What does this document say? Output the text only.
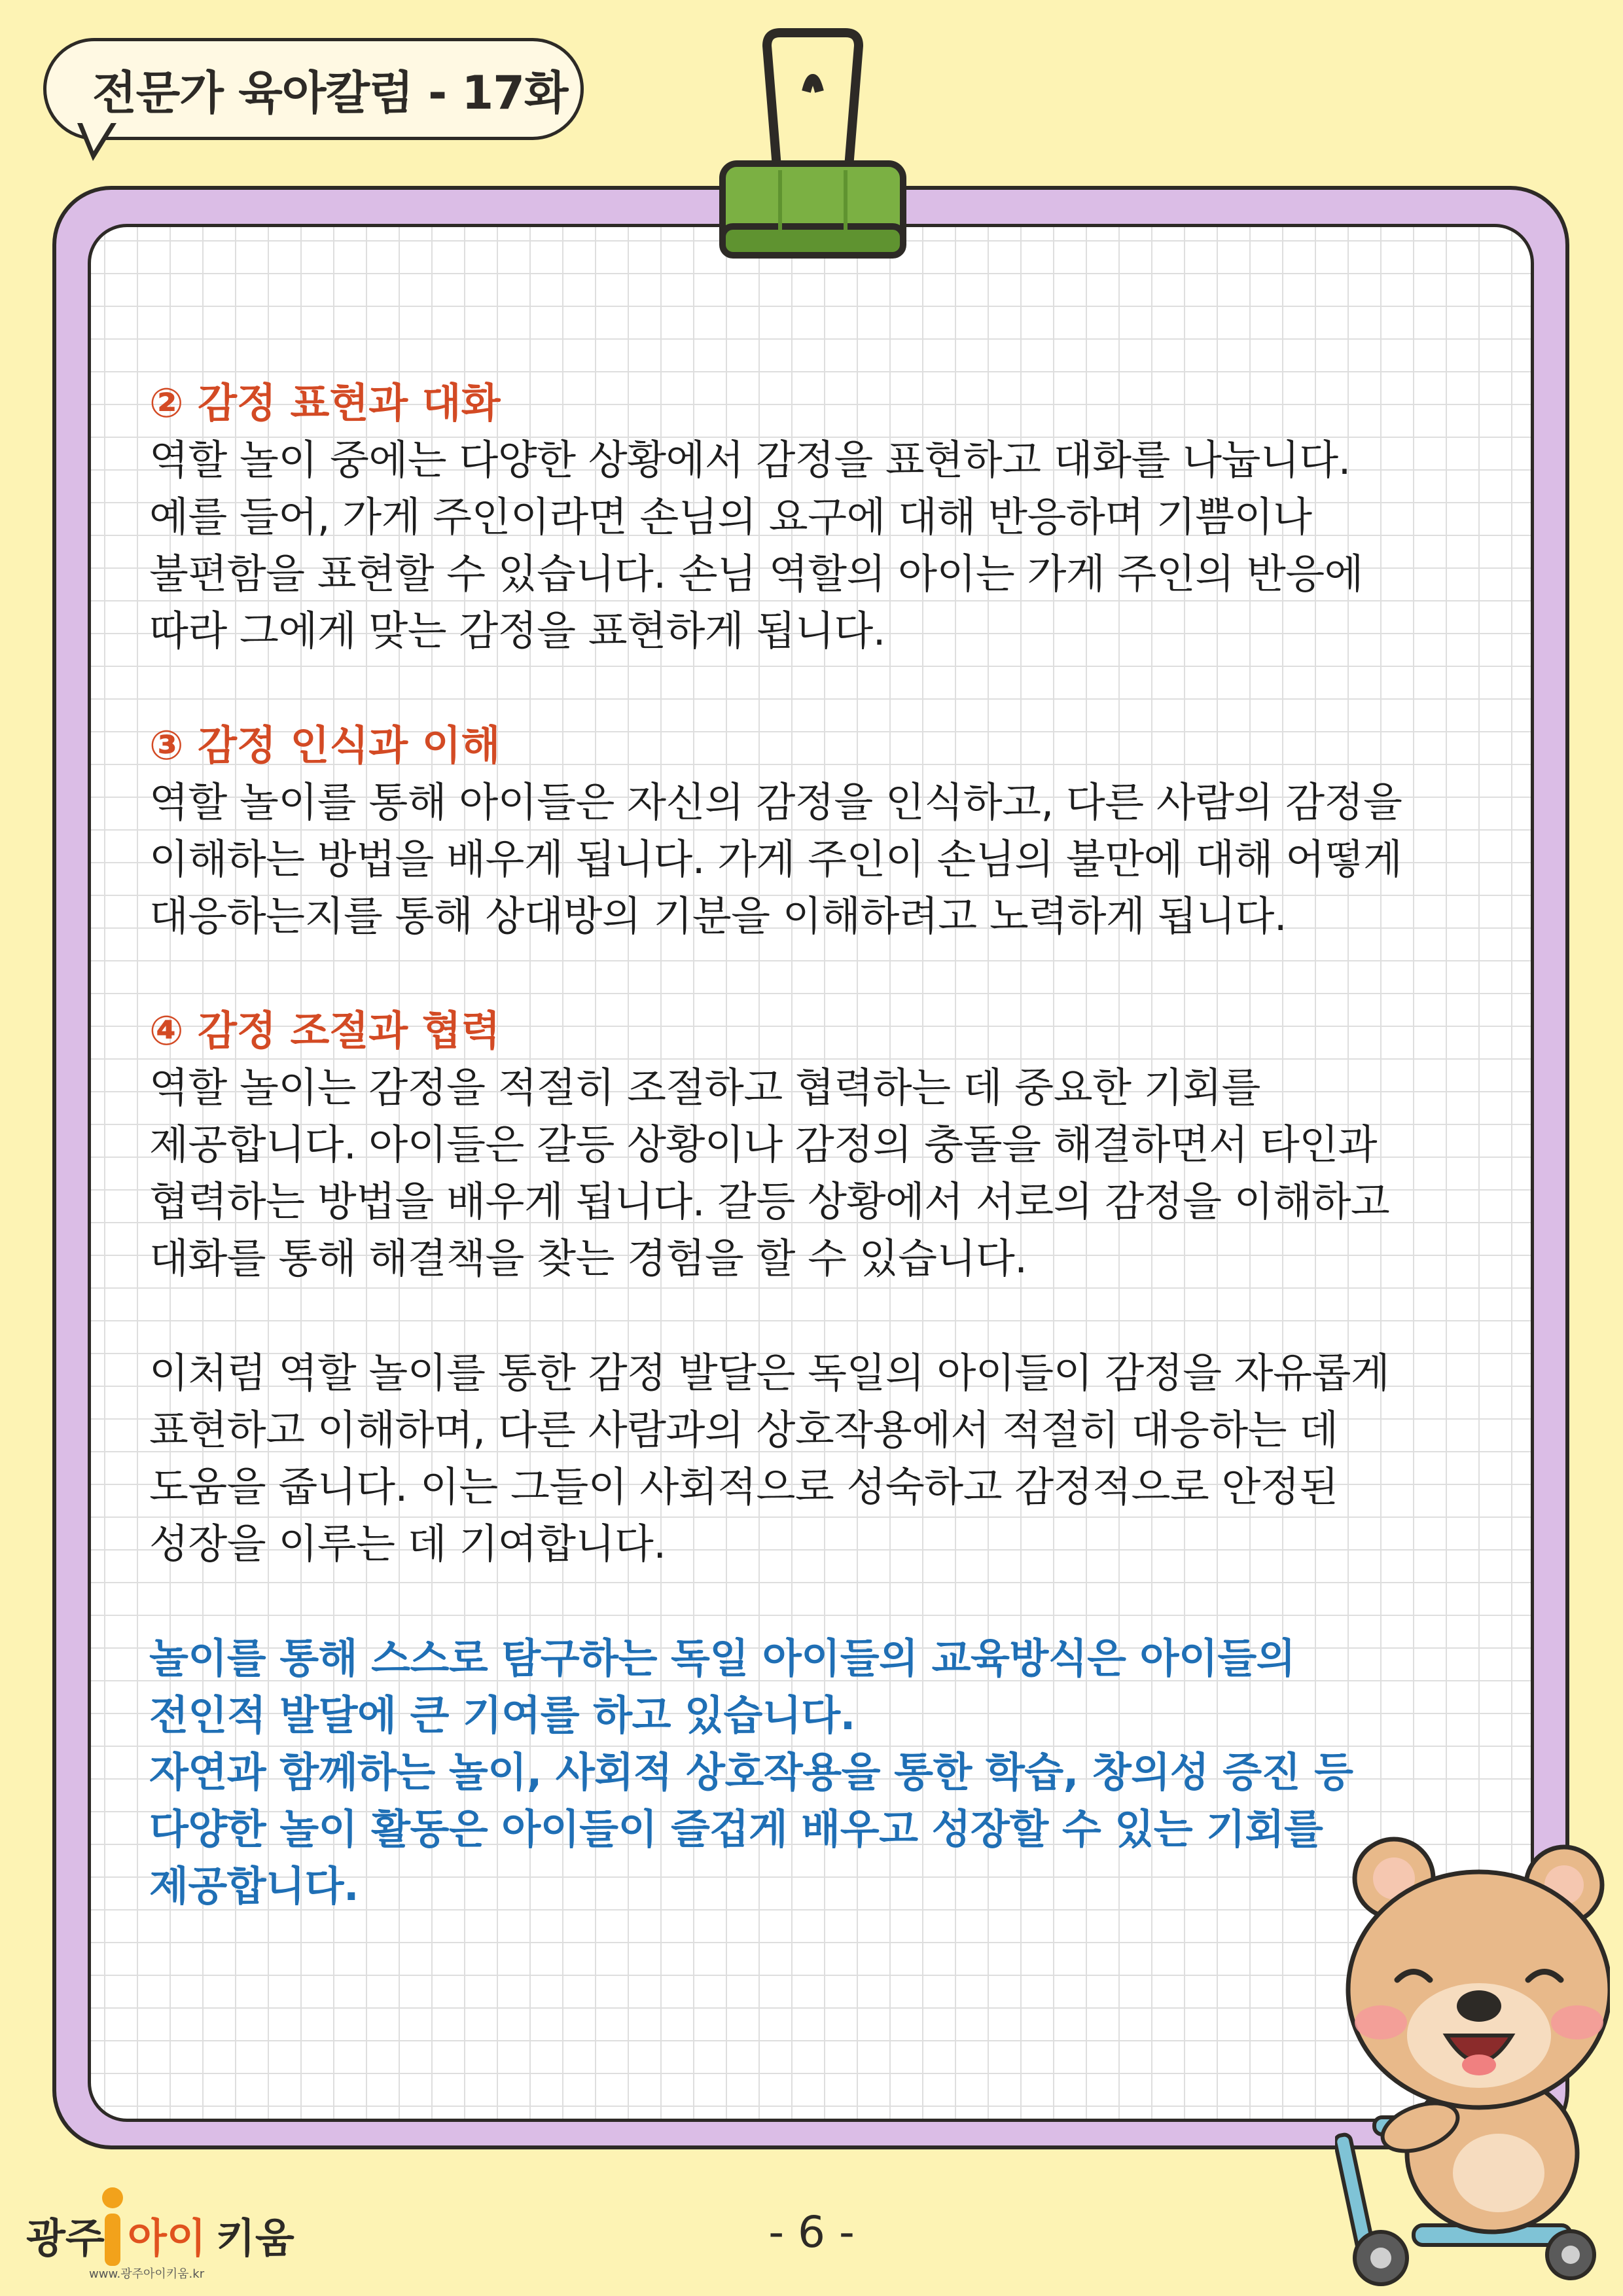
전문가 육아칼럼 - 17화
② 감정 표현과 대화
역할 놀이 중에는 다양한 상황에서 감정을 표현하고 대화를 나눕니다.
예를 들어, 가게 주인이라면 손님의 요구에 대해 반응하며 기쁨이나
불편함을 표현할 수 있습니다. 손님 역할의 아이는 가게 주인의 반응에
따라 그에게 맞는 감정을 표현하게 됩니다.
③ 감정 인식과 이해
역할 놀이를 통해 아이들은 자신의 감정을 인식하고, 다른 사람의 감정을
이해하는 방법을 배우게 됩니다. 가게 주인이 손님의 불만에 대해 어떻게
대응하는지를 통해 상대방의 기분을 이해하려고 노력하게 됩니다.
④ 감정 조절과 협력
역할 놀이는 감정을 적절히 조절하고 협력하는 데 중요한 기회를
제공합니다. 아이들은 갈등 상황이나 감정의 충돌을 해결하면서 타인과
협력하는 방법을 배우게 됩니다. 갈등 상황에서 서로의 감정을 이해하고
대화를 통해 해결책을 찾는 경험을 할 수 있습니다.
이처럼 역할 놀이를 통한 감정 발달은 독일의 아이들이 감정을 자유롭게
표현하고 이해하며, 다른 사람과의 상호작용에서 적절히 대응하는 데
도움을 줍니다. 이는 그들이 사회적으로 성숙하고 감정적으로 안정된
성장을 이루는 데 기여합니다.
놀이를 통해 스스로 탐구하는 독일 아이들의 교육방식은 아이들의
전인적 발달에 큰 기여를 하고 있습니다.
자연과 함께하는 놀이, 사회적 상호작용을 통한 학습, 창의성 증진 등
다양한 놀이 활동은 아이들이 즐겁게 배우고 성장할 수 있는 기회를
제공합니다.
광주 아이 키움
www.광주아이키움.kr
- 6 -
